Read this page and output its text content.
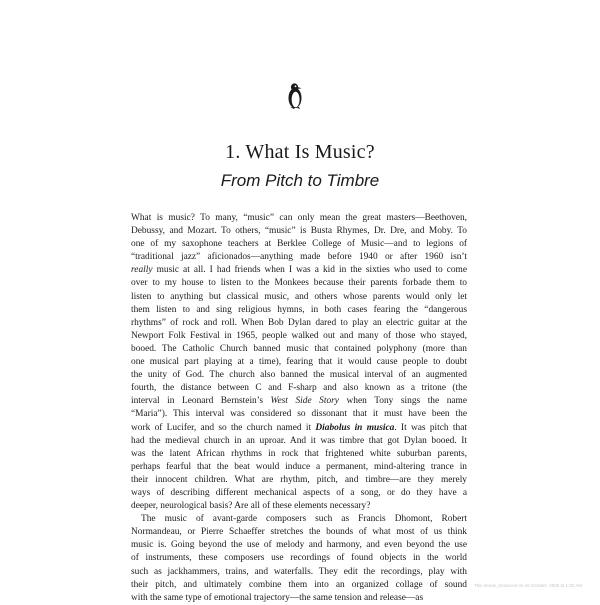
1. What Is Music?
From Pitch to Timbre
What is music? To many, “music” can only mean the great masters—Beethoven,
Debussy, and Mozart. To others, “music” is Busta Rhymes, Dr. Dre, and Moby. To
one of my saxophone teachers at Berklee College of Music—and to legions of
“traditional jazz” aficionados—anything made before 1940 or after 1960 isn’t
really music at all. I had friends when I was a kid in the sixties who used to come
over to my house to listen to the Monkees because their parents forbade them to
listen to anything but classical music, and others whose parents would only let
them listen to and sing religious hymns, in both cases fearing the “dangerous
rhythms” of rock and roll. When Bob Dylan dared to play an electric guitar at the
Newport Folk Festival in 1965, people walked out and many of those who stayed,
booed. The Catholic Church banned music that contained polyphony (more than
one musical part playing at a time), fearing that it would cause people to doubt
the unity of God. The church also banned the musical interval of an augmented
fourth, the distance between C and F-sharp and also known as a tritone (the
interval in Leonard Bernstein’s West Side Story when Tony sings the name
“Maria”). This interval was considered so dissonant that it must have been the
work of Lucifer, and so the church named it Diabolus in musica. It was pitch that
had the medieval church in an uproar. And it was timbre that got Dylan booed. It
was the latent African rhythms in rock that frightened white suburban parents,
perhaps fearful that the beat would induce a permanent, mind-altering trance in
their innocent children. What are rhythm, pitch, and timbre—are they merely
ways of describing different mechanical aspects of a song, or do they have a
deeper, neurological basis? Are all of these elements necessary?
The music of avant-garde composers such as Francis Dhomont, Robert
Normandeau, or Pierre Schaeffer stretches the bounds of what most of us think
music is. Going beyond the use of melody and harmony, and even beyond the use
of instruments, these composers use recordings of found objects in the world
such as jackhammers, trains, and waterfalls. They edit the recordings, play with
their pitch, and ultimately combine them into an organized collage of sound
with the same type of emotional trajectory—the same tension and release—as
This ebook, produced on 26 October, 2006 at 1:32 AM
